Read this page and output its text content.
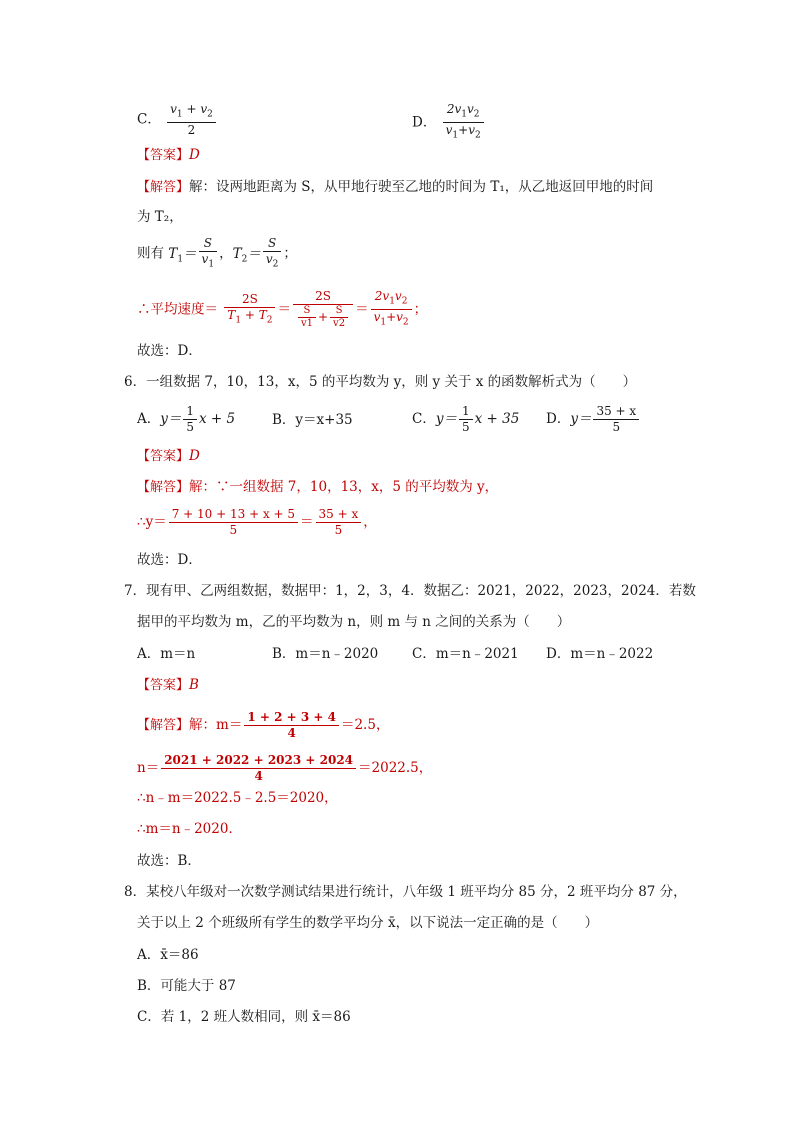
C． $\frac{v_1 + v_2}{2}$	D． $\frac{2v_1v_2}{v_1+v_2}$
【答案】D
【解答】解：设两地距离为 S，从甲地行驶至乙地的时间为 T₁，从乙地返回甲地的时间
为 T₂，
则有 $T_1= \frac{S}{v_1}$ ，$T_2= \frac{S}{v_2}$ ；
∴平均速度＝ $\frac{2S}{T_1 + T_2} = \frac{2S}{\frac{S}{v1} + \frac{S}{v2}} = \frac{2v_1v_2}{v_1+v_2}$ ；
故选：D．
6．一组数据 7，10，13，x，5 的平均数为 y，则 y 关于 x 的函数解析式为（　　）
A．$y= \frac{1}{5}$ x + 5	B．y＝x+35	C．$y= \frac{1}{5}$ x + 35 D．$y= \frac{35 + x}{5}$
【答案】D
【解答】解：∵一组数据 7，10，13，x，5 的平均数为 y，
∴y＝ $\frac{7 + 10 + 13 + x + 5}{5} = \frac{35 + x}{5}$ ，
故选：D．
7．现有甲、乙两组数据，数据甲：1，2，3，4．数据乙：2021，2022，2023，2024．若数
据甲的平均数为 m，乙的平均数为 n，则 m 与 n 之间的关系为（　　）
A．m＝n	B．m＝n﹣2020 C．m＝n﹣2021 D．m＝n﹣2022
【答案】B
【解答】解：$m= \frac{1 + 2 + 3 + 4}{4} =2.5$，
$n= \frac{2021 + 2022 + 2023 + 2024}{4} =2022.5$，
∴n﹣m＝2022.5﹣2.5＝2020，
∴m＝n﹣2020．
故选：B．
8．某校八年级对一次数学测试结果进行统计，八年级 1 班平均分 85 分，2 班平均分 87 分，
关于以上 2 个班级所有学生的数学平均分 x̄，以下说法一定正确的是（　　）
A．x̄＝86
B．可能大于 87
C．若 1，2 班人数相同，则 x̄＝86
